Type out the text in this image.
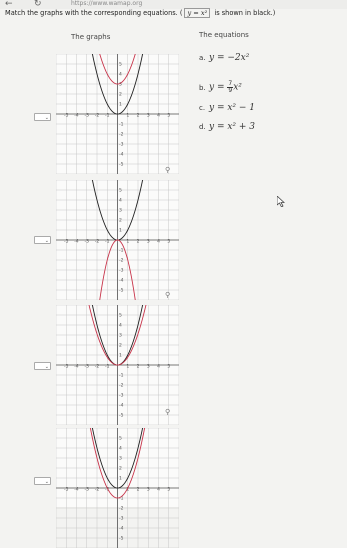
← ↻	https://www.wamap.org
Match the graphs with the corresponding equations. ( y = x² is shown in black.)
The graphs	The equations
a. y = −2x²
b. $y = \frac{7}{9} x^2$
c. y = x² − 1
d. y = x² + 3
-5 -4 -3 -2 -1	1 2 3 4 5
5
4
3
2
1
-1
-2
-3
-4
-5
⌄
⚲
-5 -4 -3 -2 -1	1 2 3 4 5
5
4
3
2
1
-1
-2
-3
-4
-5
⌄
⚲
-5 -4 -3 -2 -1	1 2 3 4 5
5
4
3
2
1
-1
-2
-3
-4
-5
⌄
⚲
-5 -4 -3 -2 -1	1 2 3 4 5
5
4
3
2
1
-1
-2
-3
-4
-5
⌄
